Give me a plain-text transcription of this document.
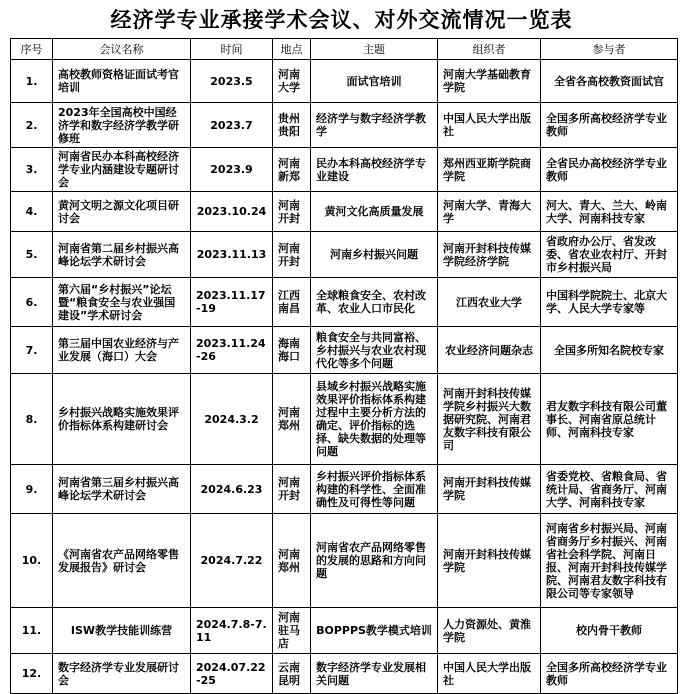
经济学专业承接学术会议、对外交流情况一览表
序号	会议名称	时间	地点	主题	组织者	参与者
1.	高校教师资格证面试考官培训	2023.5	河南大学	面试官培训	河南大学基础教育学院	全省各高校教资面试官
2.	2023年全国高校中国经济学和数字经济学教学研修班	2023.7	贵州贵阳	经济学与数字经济学教学	中国人民大学出版社	全国多所高校经济学专业教师
3.	河南省民办本科高校经济学专业内涵建设专题研讨会	2023.9	河南新郑	民办本科高校经济学专业建设	郑州西亚斯学院商学院	全省民办高校经济学专业教师
4.	黄河文明之源文化项目研讨会	2023.10.24	河南开封	黄河文化高质量发展	河南大学、青海大学	河大、青大、兰大、岭南大学、河南科技专家
5.	河南省第二届乡村振兴高峰论坛学术研讨会	2023.11.13	河南开封	河南乡村振兴问题	河南开封科技传媒学院经济学院	省政府办公厅、省发改委、省农业农村厅、开封市乡村振兴局
6.	第六届“乡村振兴”论坛暨“粮食安全与农业强国建设”学术研讨会	2023.11.17-19	江西南昌	全球粮食安全、农村改革、农业人口市民化	江西农业大学	中国科学院院士、北京大学、人民大学专家等
7.	第三届中国农业经济与产业发展（海口）大会	2023.11.24-26	海南海口	粮食安全与共同富裕、乡村振兴与农业农村现代化等多个问题	农业经济问题杂志	全国多所知名院校专家
8.	乡村振兴战略实施效果评价指标体系构建研讨会	2024.3.2	河南郑州	县域乡村振兴战略实施效果评价指标体系构建过程中主要分析方法的确定、评价指标的选择、缺失数据的处理等问题	河南开封科技传媒学院乡村振兴大数据研究院、河南君友数字科技有限公司	君友数字科技有限公司董事长、河南省原总统计师、河南科技专家
9.	河南省第三届乡村振兴高峰论坛学术研讨会	2024.6.23	河南开封	乡村振兴评价指标体系构建的科学性、全面准确性及可得性等问题	河南开封科技传媒学院	省委党校、省粮食局、省统计局、省商务厅、河南大学、河南科技专家
10.	《河南省农产品网络零售发展报告》研讨会	2024.7.22	河南郑州	河南省农产品网络零售的发展的思路和方向问题	河南开封科技传媒学院	河南省乡村振兴局、河南省商务厅乡村振兴、河南省社会科学院、河南日报、河南开封科技传媒学院、河南君友数字科技有限公司等专家领导
11.	ISW教学技能训练营	2024.7.8-7.11	河南驻马店	BOPPPS教学模式培训	人力资源处、黄淮学院	校内骨干教师
12.	数字经济学专业发展研讨会	2024.07.22-25	云南昆明	数字经济学专业发展相关问题	中国人民大学出版社	全国多所高校经济学专业教师
